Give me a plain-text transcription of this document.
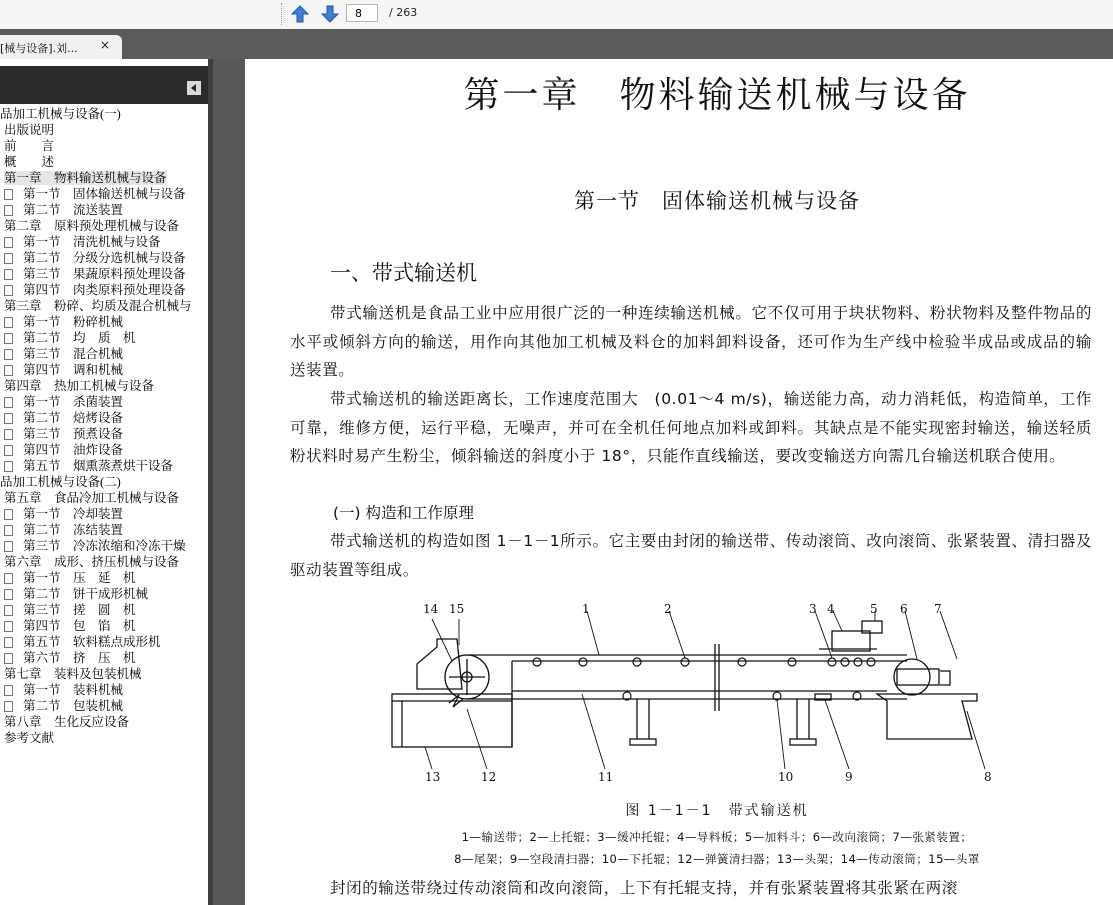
8	/ 263
[械与设备].刘... ×
品加工机械与设备(一)
出版说明
前　　言
概　　述
第一章　物料输送机械与设备
第一节　固体输送机械与设备
第二节　流送装置
第二章　原料预处理机械与设备
第一节　清洗机械与设备
第二节　分级分选机械与设备
第三节　果蔬原料预处理设备
第四节　肉类原料预处理设备
第三章　粉碎、均质及混合机械与
第一节　粉碎机械
第二节　均　质　机
第三节　混合机械
第四节　调和机械
第四章　热加工机械与设备
第一节　杀菌装置
第二节　焙烤设备
第三节　预煮设备
第四节　油炸设备
第五节　烟熏蒸煮烘干设备
品加工机械与设备(二)
第五章　食品冷加工机械与设备
第一节　冷却装置
第二节　冻结装置
第三节　冷冻浓缩和冷冻干燥
第六章　成形、挤压机械与设备
第一节　压　延　机
第二节　饼干成形机械
第三节　搓　圆　机
第四节　包　馅　机
第五节　软料糕点成形机
第六节　挤　压　机
第七章　装料及包装机械
第一节　装料机械
第二节　包装机械
第八章　生化反应设备
参考文献
第一章　物料输送机械与设备
第一节　固体输送机械与设备
一、带式输送机
带式输送机是食品工业中应用很广泛的一种连续输送机械。它不仅可用于块状物料、粉状物料及整件物品的水平或倾斜方向的输送，用作向其他加工机械及料仓的加料卸料设备，还可作为生产线中检验半成品或成品的输送装置。
带式输送机的输送距离长，工作速度范围大　(0.01～4 m/s)，输送能力高，动力消耗低，构造简单，工作可靠，维修方便，运行平稳，无噪声，并可在全机任何地点加料或卸料。其缺点是不能实现密封输送，输送轻质粉状料时易产生粉尘，倾斜输送的斜度小于 18°，只能作直线输送，要改变输送方向需几台输送机联合使用。
(一) 构造和工作原理
带式输送机的构造如图 1－1－1所示。它主要由封闭的输送带、传动滚筒、改向滚筒、张紧装置、清扫器及驱动装置等组成。
14 15	1	2	3 4	5 6 7
13	12	11	10	9	8
图 1－1－1　带式输送机
1—输送带；2—上托辊；3—缓冲托辊；4—导料板；5—加料斗；6—改向滚筒；7—张紧装置；
8—尾架；9—空段清扫器；10—下托辊；12—弹簧清扫器；13—头架；14—传动滚筒；15—头罩
封闭的输送带绕过传动滚筒和改向滚筒，上下有托辊支持，并有张紧装置将其张紧在两滚
